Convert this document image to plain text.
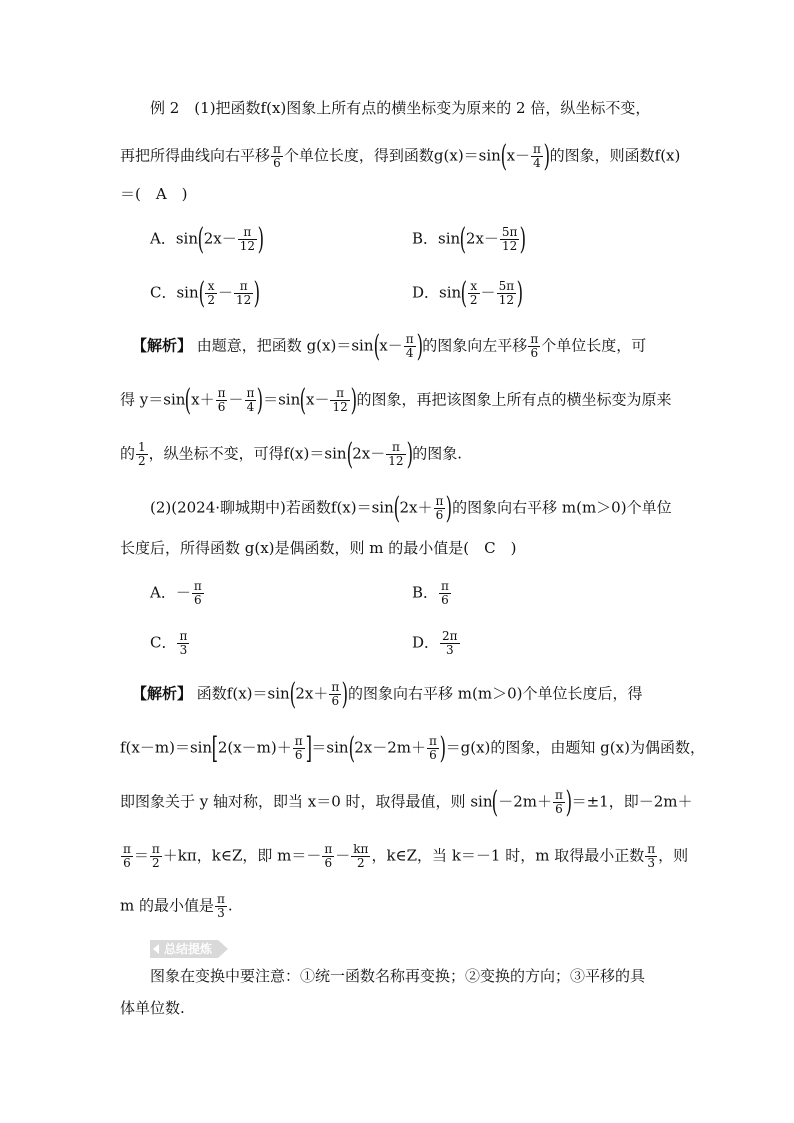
例 2　(1)把函数f(x)图象上所有点的横坐标变为原来的 2 倍，纵坐标不变，
再把所得曲线向右平移 $\frac{\pi}{6}$ 个单位长度，得到函数$g(x)=\sin(x- \frac{\pi}{4}$ )的图象，则函数f(x)
＝(　A　)
A．$\sin(2x- \frac{\pi}{12}$ )	B．$\sin(2x- \frac{5\pi}{12}$ )
C．$\sin( \frac{x}{2} - \frac{\pi}{12}$ )	D．$\sin( \frac{x}{2} - \frac{5\pi}{12}$ )
【解析】 由题意，把函数 $g(x)=\sin(x- \frac{\pi}{4}$ )的图象向左平移 $\frac{\pi}{6}$ 个单位长度，可
得 $y=\sin(x+ \frac{\pi}{6} - \frac{\pi}{4} )=\sin(x- \frac{\pi}{12}$ )的图象，再把该图象上所有点的横坐标变为原来
的 $\frac{1}{2}$ ，纵坐标不变，可得$f(x)=\sin(2x- \frac{\pi}{12}$ )的图象.
(2)(2024·聊城期中)若函数$f(x)=\sin(2x+ \frac{\pi}{6}$ )的图象向右平移 m(m＞0)个单位
长度后，所得函数 g(x)是偶函数，则 m 的最小值是(　C　)
A．－ $\frac{\pi}{6}$	B． $\frac{\pi}{6}$
C． $\frac{\pi}{3}$	D． $\frac{2\pi}{3}$
【解析】 函数$f(x)=\sin(2x+ \frac{\pi}{6}$ )的图象向右平移 m(m＞0)个单位长度后，得
$f(x-m)=\sin[2(x-m)+ \frac{\pi}{6} ]=\sin(2x-2m+ \frac{\pi}{6} )=g(x)$的图象，由题知 g(x)为偶函数，
即图象关于 y 轴对称，即当 x＝0 时，取得最值，则 $\sin(-2m+ \frac{\pi}{6} )=\pm 1$，即－2m＋
$\frac{\pi}{6} = \frac{\pi}{2} +k\pi$，k∈Z，即 $m=- \frac{\pi}{6} - \frac{k\pi}{2}$ ，k∈Z，当 k＝－1 时，m 取得最小正数 $\frac{\pi}{3}$ ，则
m 的最小值是 $\frac{\pi}{3}$ .
总结提炼
图象在变换中要注意：①统一函数名称再变换；②变换的方向；③平移的具
体单位数.
